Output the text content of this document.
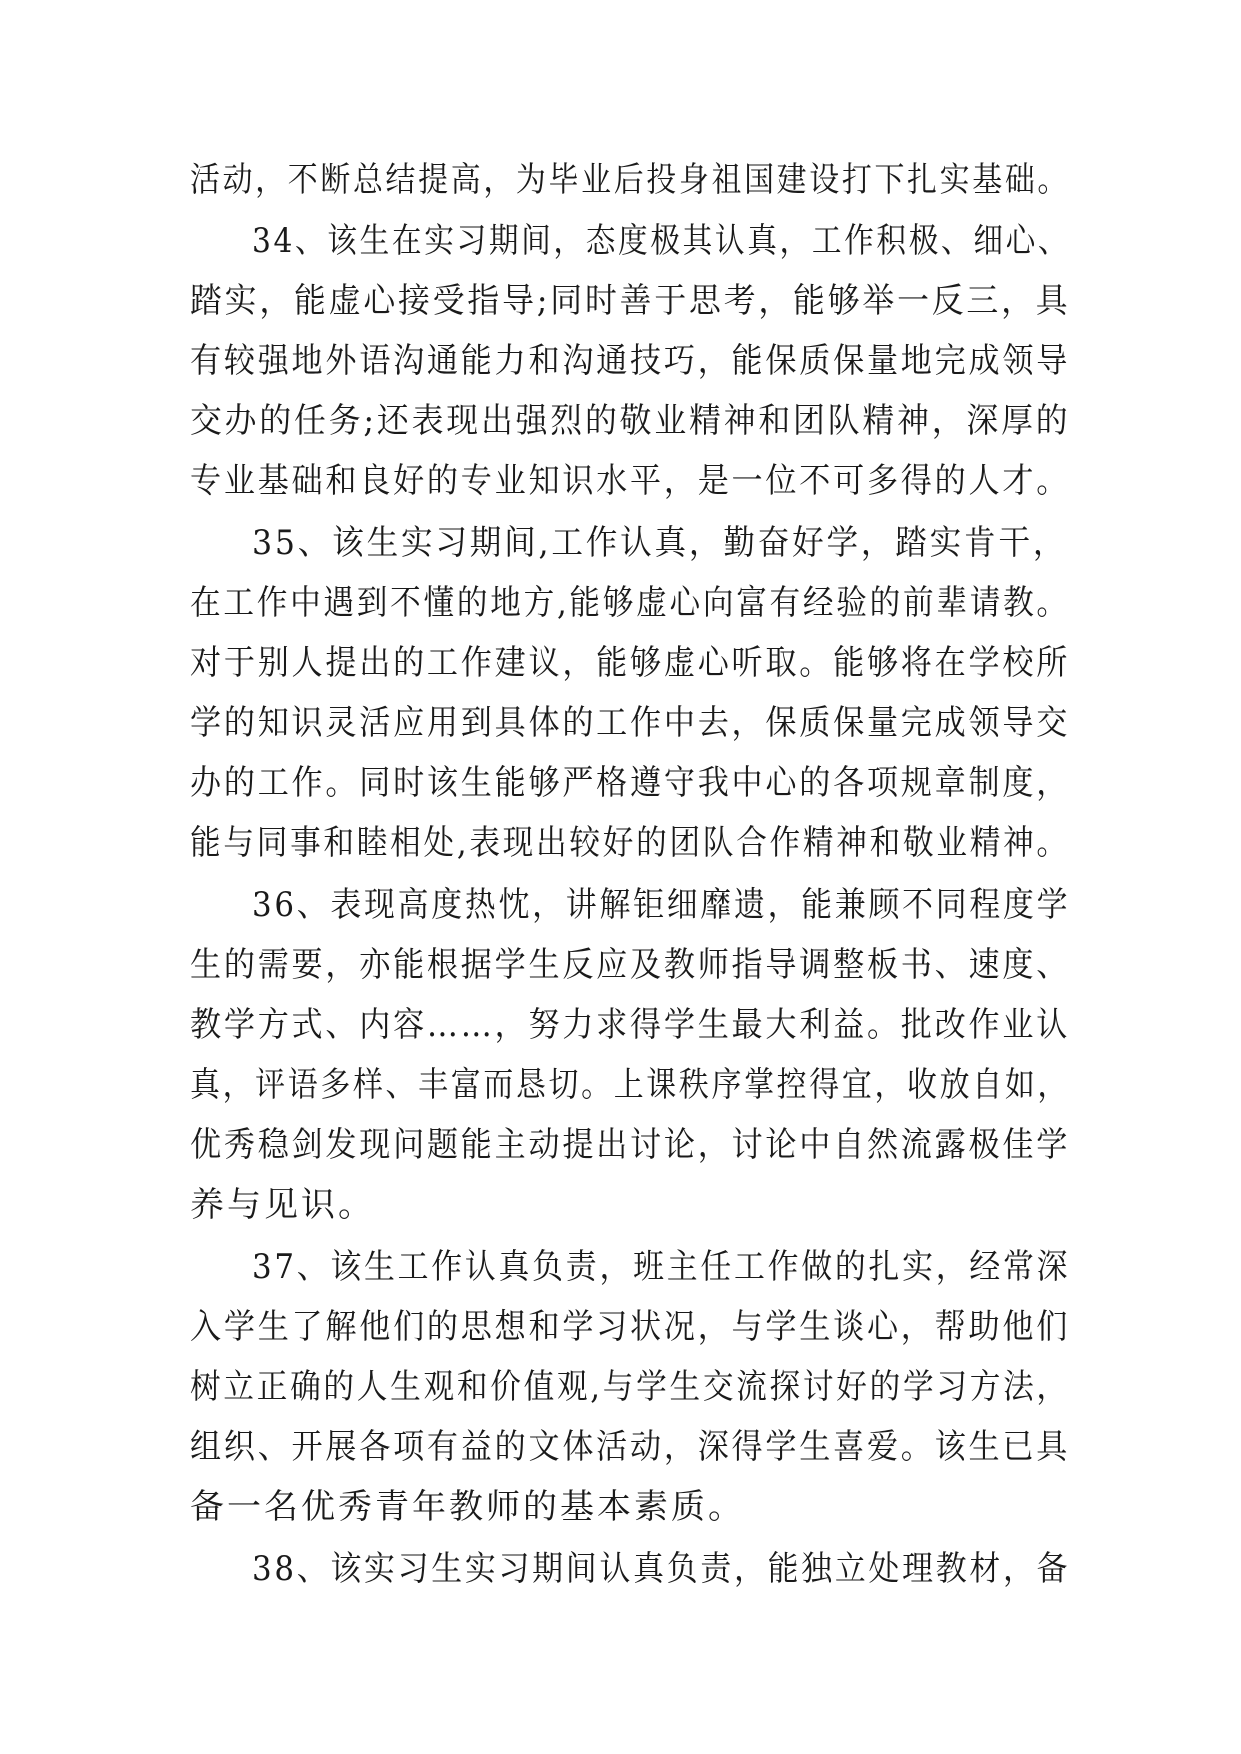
活动，不断总结提高，为毕业后投身祖国建设打下扎实基础。
34、该生在实习期间，态度极其认真，工作积极、细心、
踏实，能虚心接受指导;同时善于思考，能够举一反三，具
有较强地外语沟通能力和沟通技巧，能保质保量地完成领导
交办的任务;还表现出强烈的敬业精神和团队精神，深厚的
专业基础和良好的专业知识水平，是一位不可多得的人才。
35、该生实习期间,工作认真，勤奋好学，踏实肯干，
在工作中遇到不懂的地方,能够虚心向富有经验的前辈请教。
对于别人提出的工作建议，能够虚心听取。能够将在学校所
学的知识灵活应用到具体的工作中去，保质保量完成领导交
办的工作。同时该生能够严格遵守我中心的各项规章制度，
能与同事和睦相处,表现出较好的团队合作精神和敬业精神。
36、表现高度热忱，讲解钜细靡遗，能兼顾不同程度学
生的需要，亦能根据学生反应及教师指导调整板书、速度、
教学方式、内容……，努力求得学生最大利益。批改作业认
真，评语多样、丰富而恳切。上课秩序掌控得宜，收放自如，
优秀稳剑发现问题能主动提出讨论，讨论中自然流露极佳学
养与见识。
37、该生工作认真负责，班主任工作做的扎实，经常深
入学生了解他们的思想和学习状况，与学生谈心，帮助他们
树立正确的人生观和价值观,与学生交流探讨好的学习方法，
组织、开展各项有益的文体活动，深得学生喜爱。该生已具
备一名优秀青年教师的基本素质。
38、该实习生实习期间认真负责，能独立处理教材，备
